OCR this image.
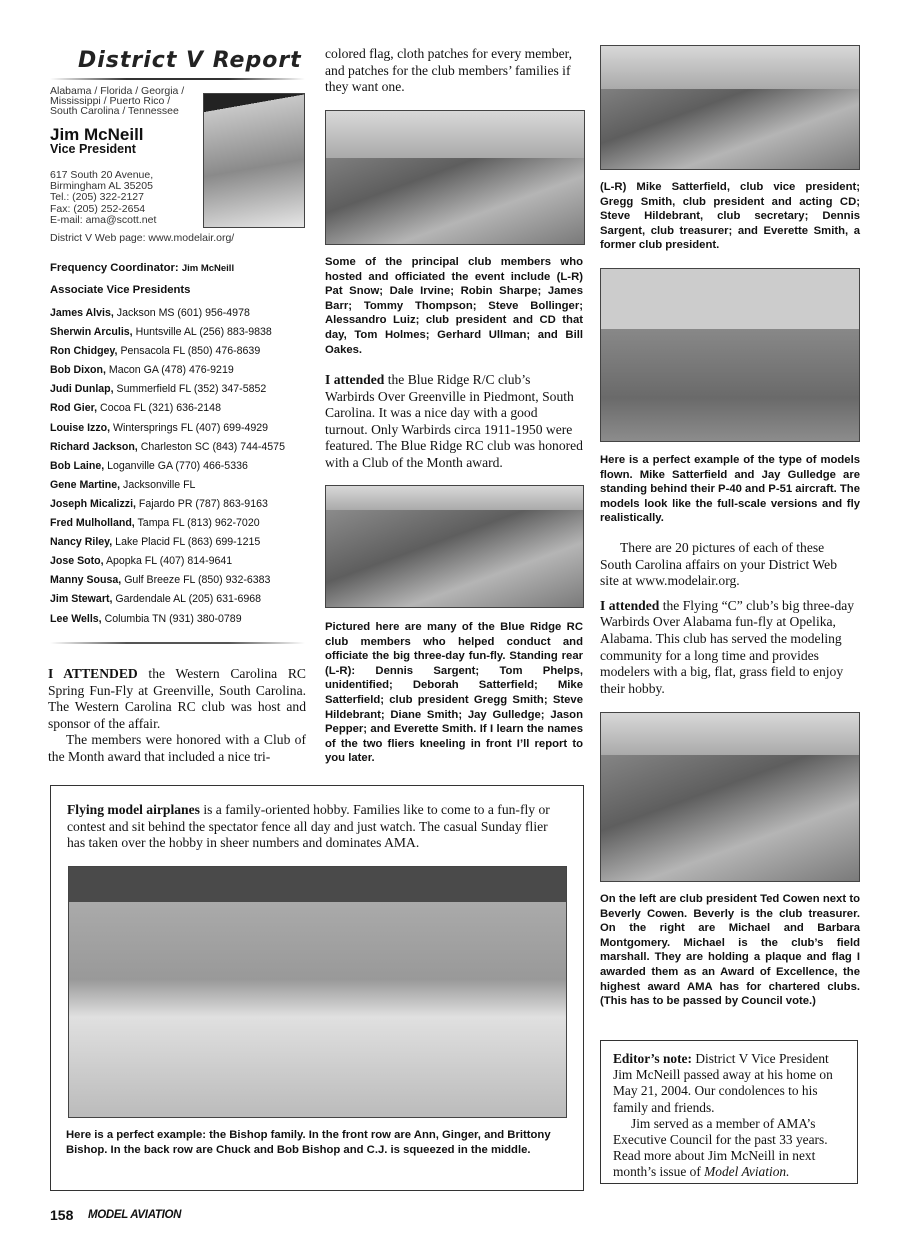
District V Report
Alabama / Florida / Georgia /
Mississippi / Puerto Rico /
South Carolina / Tennessee
Jim McNeill
Vice President
617 South 20 Avenue,
Birmingham AL 35205
Tel.: (205) 322-2127
Fax: (205) 252-2654
E-mail: ama@scott.net
District V Web page: www.modelair.org/
Frequency Coordinator: Jim McNeill
Associate Vice Presidents
James Alvis, Jackson MS (601) 956-4978
Sherwin Arculis, Huntsville AL (256) 883-9838
Ron Chidgey, Pensacola FL (850) 476-8639
Bob Dixon, Macon GA (478) 476-9219
Judi Dunlap, Summerfield FL (352) 347-5852
Rod Gier, Cocoa FL (321) 636-2148
Louise Izzo, Wintersprings FL (407) 699-4929
Richard Jackson, Charleston SC (843) 744-4575
Bob Laine, Loganville GA (770) 466-5336
Gene Martine, Jacksonville FL
Joseph Micalizzi, Fajardo PR (787) 863-9163
Fred Mulholland, Tampa FL (813) 962-7020
Nancy Riley, Lake Placid FL (863) 699-1215
Jose Soto, Apopka FL (407) 814-9641
Manny Sousa, Gulf Breeze FL (850) 932-6383
Jim Stewart, Gardendale AL (205) 631-6968
Lee Wells, Columbia TN (931) 380-0789
I ATTENDED the Western Carolina RC Spring Fun-Fly at Greenville, South Carolina. The Western Carolina RC club was host and sponsor of the affair.
The members were honored with a Club of the Month award that included a nice tri-
colored flag, cloth patches for every member, and patches for the club members’ families if they want one.
Some of the principal club members who hosted and officiated the event include (L-R) Pat Snow; Dale Irvine; Robin Sharpe; James Barr; Tommy Thompson; Steve Bollinger; Alessandro Luiz; club president and CD that day, Tom Holmes; Gerhard Ullman; and Bill Oakes.
I attended the Blue Ridge R/C club’s Warbirds Over Greenville in Piedmont, South Carolina. It was a nice day with a good turnout. Only Warbirds circa 1911-1950 were featured. The Blue Ridge RC club was honored with a Club of the Month award.
Pictured here are many of the Blue Ridge RC club members who helped conduct and officiate the big three-day fun-fly. Standing rear (L-R): Dennis Sargent; Tom Phelps, unidentified; Deborah Satterfield; Mike Satterfield; club president Gregg Smith; Steve Hildebrant; Diane Smith; Jay Gulledge; Jason Pepper; and Everette Smith. If I learn the names of the two fliers kneeling in front I’ll report to you later.
(L-R) Mike Satterfield, club vice president; Gregg Smith, club president and acting CD; Steve Hildebrant, club secretary; Dennis Sargent, club treasurer; and Everette Smith, a former club president.
Here is a perfect example of the type of models flown. Mike Satterfield and Jay Gulledge are standing behind their P-40 and P-51 aircraft. The models look like the full-scale versions and fly realistically.
There are 20 pictures of each of these South Carolina affairs on your District Web site at www.modelair.org.
I attended the Flying “C” club’s big three-day Warbirds Over Alabama fun-fly at Opelika, Alabama. This club has served the modeling community for a long time and provides modelers with a big, flat, grass field to enjoy their hobby.
On the left are club president Ted Cowen next to Beverly Cowen. Beverly is the club treasurer. On the right are Michael and Barbara Montgomery. Michael is the club’s field marshall. They are holding a plaque and flag I awarded them as an Award of Excellence, the highest award AMA has for chartered clubs. (This has to be passed by Council vote.)
Flying model airplanes is a family-oriented hobby. Families like to come to a fun-fly or contest and sit behind the spectator fence all day and just watch. The casual Sunday flier has taken over the hobby in sheer numbers and dominates AMA.
Here is a perfect example: the Bishop family. In the front row are Ann, Ginger, and Brittony Bishop. In the back row are Chuck and Bob Bishop and C.J. is squeezed in the middle.
Editor’s note: District V Vice President Jim McNeill passed away at his home on May 21, 2004. Our condolences to his family and friends.
Jim served as a member of AMA’s Executive Council for the past 33 years. Read more about Jim McNeill in next month’s issue of Model Aviation.
158 MODEL AVIATION
